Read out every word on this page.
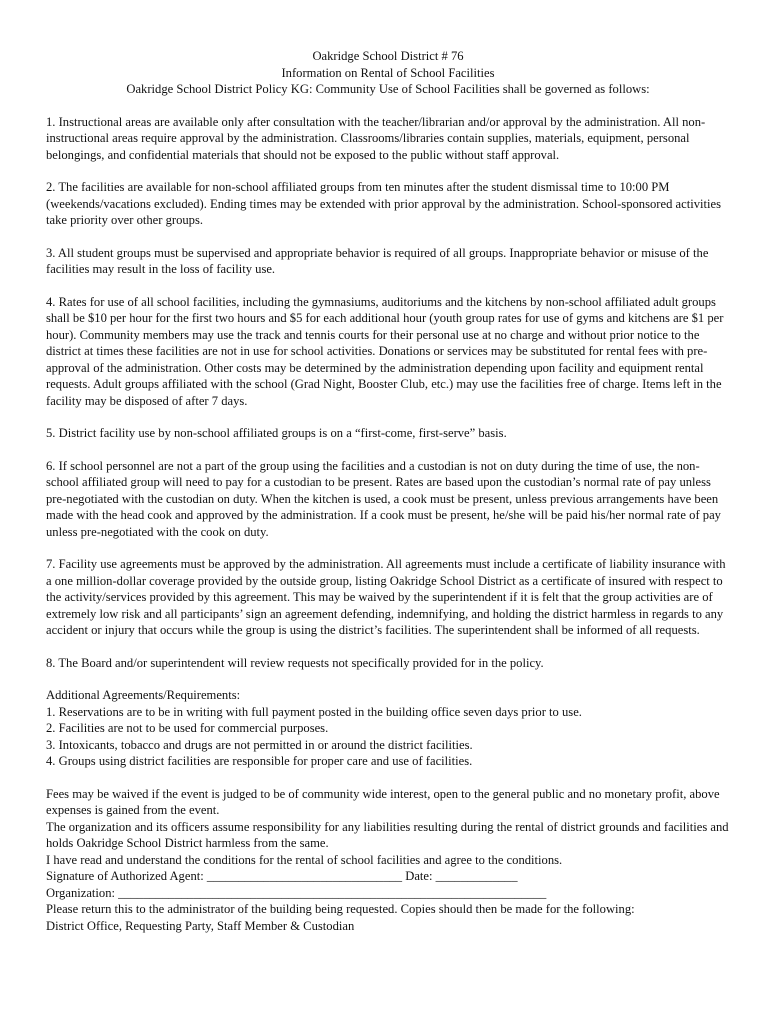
Oakridge School District # 76
Information on Rental of School Facilities
Oakridge School District Policy KG: Community Use of School Facilities shall be governed as follows:

1. Instructional areas are available only after consultation with the teacher/librarian and/or approval by the administration. All non-instructional areas require approval by the administration. Classrooms/libraries contain supplies, materials, equipment, personal belongings, and confidential materials that should not be exposed to the public without staff approval.

2. The facilities are available for non-school affiliated groups from ten minutes after the student dismissal time to 10:00 PM (weekends/vacations excluded). Ending times may be extended with prior approval by the administration. School-sponsored activities take priority over other groups.

3. All student groups must be supervised and appropriate behavior is required of all groups. Inappropriate behavior or misuse of the facilities may result in the loss of facility use.

4. Rates for use of all school facilities, including the gymnasiums, auditoriums and the kitchens by non-school affiliated adult groups shall be $10 per hour for the first two hours and $5 for each additional hour (youth group rates for use of gyms and kitchens are $1 per hour). Community members may use the track and tennis courts for their personal use at no charge and without prior notice to the district at times these facilities are not in use for school activities. Donations or services may be substituted for rental fees with pre-approval of the administration. Other costs may be determined by the administration depending upon facility and equipment rental requests. Adult groups affiliated with the school (Grad Night, Booster Club, etc.) may use the facilities free of charge. Items left in the facility may be disposed of after 7 days.

5. District facility use by non-school affiliated groups is on a “first-come, first-serve” basis.

6. If school personnel are not a part of the group using the facilities and a custodian is not on duty during the time of use, the non-school affiliated group will need to pay for a custodian to be present. Rates are based upon the custodian’s normal rate of pay unless pre-negotiated with the custodian on duty. When the kitchen is used, a cook must be present, unless previous arrangements have been made with the head cook and approved by the administration. If a cook must be present, he/she will be paid his/her normal rate of pay unless pre-negotiated with the cook on duty.

7. Facility use agreements must be approved by the administration. All agreements must include a certificate of liability insurance with a one million-dollar coverage provided by the outside group, listing Oakridge School District as a certificate of insured with respect to the activity/services provided by this agreement. This may be waived by the superintendent if it is felt that the group activities are of extremely low risk and all participants’ sign an agreement defending, indemnifying, and holding the district harmless in regards to any accident or injury that occurs while the group is using the district’s facilities. The superintendent shall be informed of all requests.

8. The Board and/or superintendent will review requests not specifically provided for in the policy.

Additional Agreements/Requirements:
1. Reservations are to be in writing with full payment posted in the building office seven days prior to use.
2. Facilities are not to be used for commercial purposes.
3. Intoxicants, tobacco and drugs are not permitted in or around the district facilities.
4. Groups using district facilities are responsible for proper care and use of facilities.
Fees may be waived if the event is judged to be of community wide interest, open to the general public and no monetary profit, above expenses is gained from the event.
The organization and its officers assume responsibility for any liabilities resulting during the rental of district grounds and facilities and holds Oakridge School District harmless from the same.
I have read and understand the conditions for the rental of school facilities and agree to the conditions.
Signature of Authorized Agent: _______________________________ Date: _____________
Organization: ____________________________________________________________________
Please return this to the administrator of the building being requested. Copies should then be made for the following:
District Office, Requesting Party, Staff Member & Custodian
